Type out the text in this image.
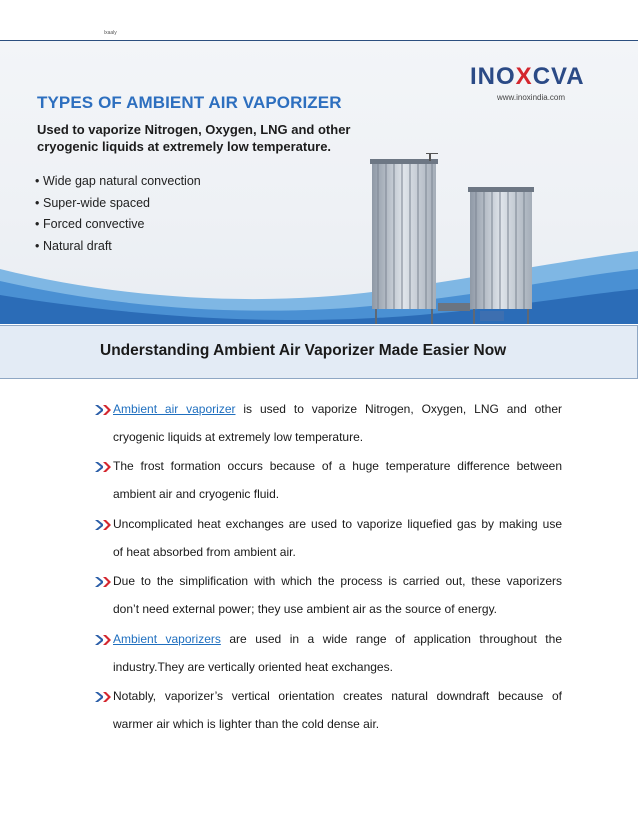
lxaaly
TYPES OF AMBIENT AIR VAPORIZER
Used to vaporize Nitrogen, Oxygen, LNG and other cryogenic liquids at extremely low temperature.
• Wide gap natural convection
• Super-wide spaced
• Forced convective
• Natural draft
INOXCVA
www.inoxindia.com
Understanding Ambient Air Vaporizer Made Easier Now
Ambient air vaporizer is used to vaporize Nitrogen, Oxygen, LNG and other
cryogenic liquids at extremely low temperature.
The frost formation occurs because of a huge temperature difference between
ambient air and cryogenic fluid.
Uncomplicated heat exchanges are used to vaporize liquefied gas by making use
of heat absorbed from ambient air.
Due to the simplification with which the process is carried out, these vaporizers
don’t need external power; they use ambient air as the source of energy.
Ambient vaporizers are used in a wide range of application throughout the
industry.They are vertically oriented heat exchanges.
Notably, vaporizer’s vertical orientation creates natural downdraft because of
warmer air which is lighter than the cold dense air.
